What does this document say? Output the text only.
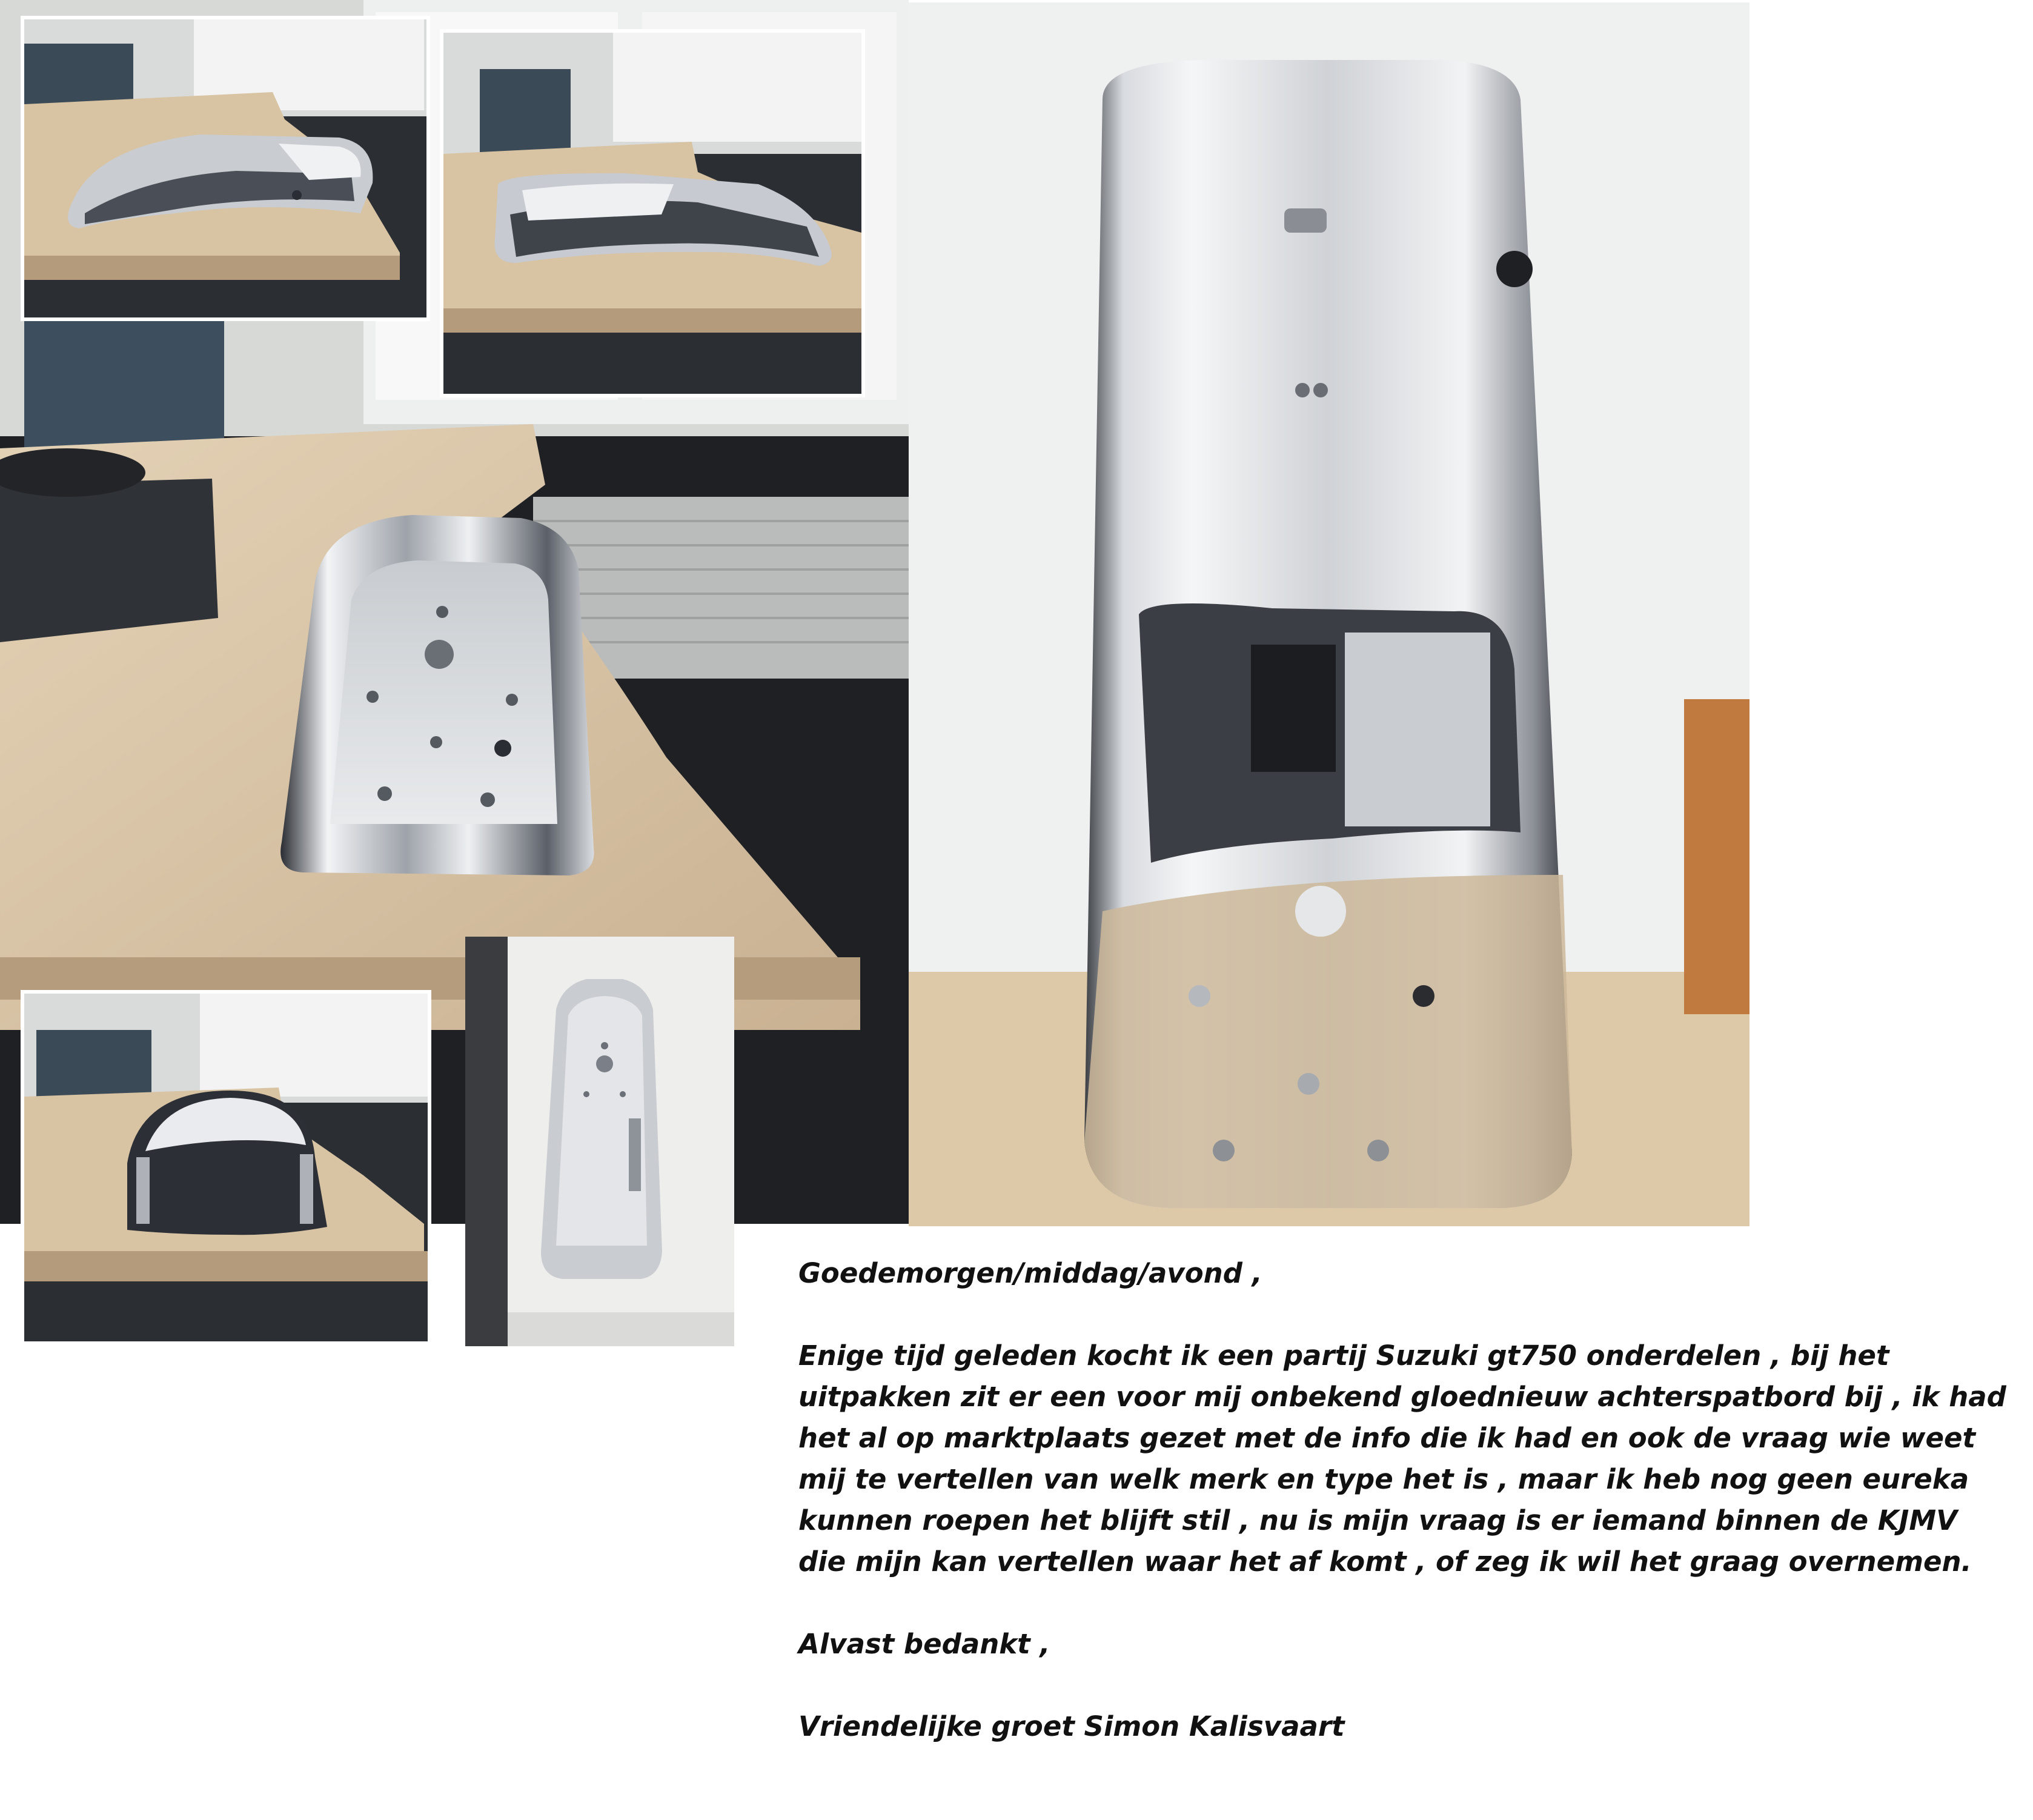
Goedemorgen/middag/avond ,

Enige tijd geleden kocht ik een partij Suzuki gt750 onderdelen , bij het

uitpakken zit er een voor mij onbekend gloednieuw achterspatbord bij , ik had

het al op marktplaats gezet met de info die ik had en ook de vraag wie weet

mij te vertellen van welk merk en type het is , maar ik heb nog geen eureka

kunnen roepen het blijft stil , nu is mijn vraag is er iemand binnen de KJMV

die mijn kan vertellen waar het af komt , of zeg ik wil het graag overnemen.

Alvast bedankt ,

Vriendelijke groet Simon Kalisvaart
